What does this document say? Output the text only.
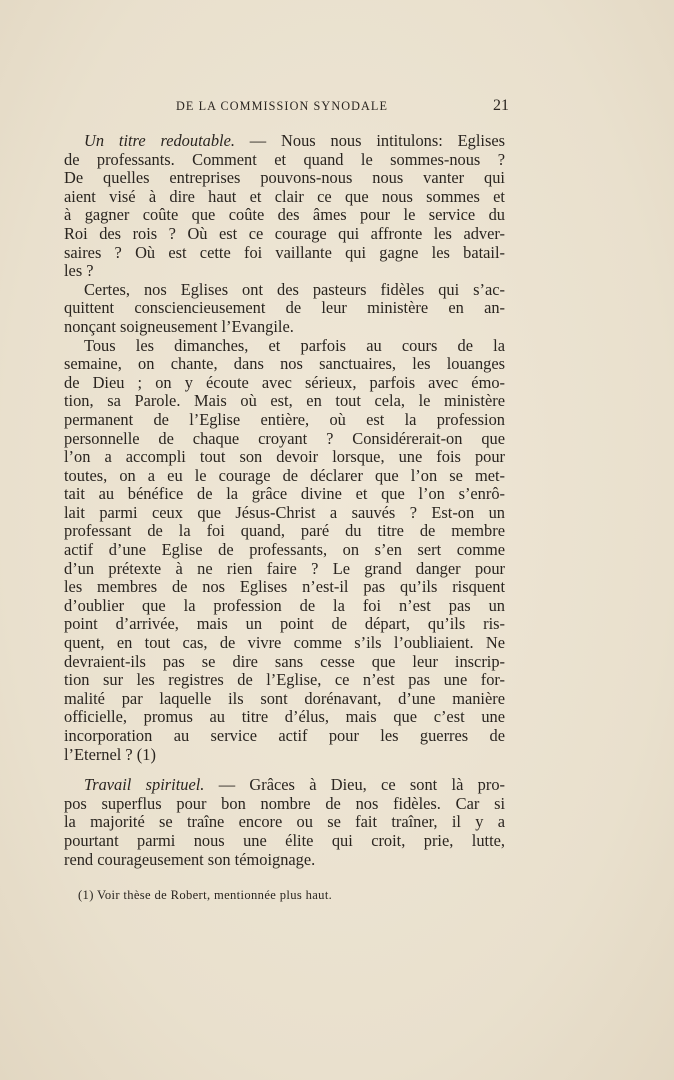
DE LA COMMISSION SYNODALE	21
Un titre redoutable. — Nous nous intitulons: Eglises
de professants. Comment et quand le sommes-nous ?
De quelles entreprises pouvons-nous nous vanter qui
aient visé à dire haut et clair ce que nous sommes et
à gagner coûte que coûte des âmes pour le service du
Roi des rois ? Où est ce courage qui affronte les adver-
saires ? Où est cette foi vaillante qui gagne les batail-
les ?
Certes, nos Eglises ont des pasteurs fidèles qui s’ac-
quittent consciencieusement de leur ministère en an-
nonçant soigneusement l’Evangile.
Tous les dimanches, et parfois au cours de la
semaine, on chante, dans nos sanctuaires, les louanges
de Dieu ; on y écoute avec sérieux, parfois avec émo-
tion, sa Parole. Mais où est, en tout cela, le ministère
permanent de l’Eglise entière, où est la profession
personnelle de chaque croyant ? Considérerait-on que
l’on a accompli tout son devoir lorsque, une fois pour
toutes, on a eu le courage de déclarer que l’on se met-
tait au bénéfice de la grâce divine et que l’on s’enrô-
lait parmi ceux que Jésus-Christ a sauvés ? Est-on un
professant de la foi quand, paré du titre de membre
actif d’une Eglise de professants, on s’en sert comme
d’un prétexte à ne rien faire ? Le grand danger pour
les membres de nos Eglises n’est-il pas qu’ils risquent
d’oublier que la profession de la foi n’est pas un
point d’arrivée, mais un point de départ, qu’ils ris-
quent, en tout cas, de vivre comme s’ils l’oubliaient. Ne
devraient-ils pas se dire sans cesse que leur inscrip-
tion sur les registres de l’Eglise, ce n’est pas une for-
malité par laquelle ils sont dorénavant, d’une manière
officielle, promus au titre d’élus, mais que c’est une
incorporation au service actif pour les guerres de
l’Eternel ? (1)
Travail spirituel. — Grâces à Dieu, ce sont là pro-
pos superflus pour bon nombre de nos fidèles. Car si
la majorité se traîne encore ou se fait traîner, il y a
pourtant parmi nous une élite qui croit, prie, lutte,
rend courageusement son témoignage.
(1) Voir thèse de Robert, mentionnée plus haut.
